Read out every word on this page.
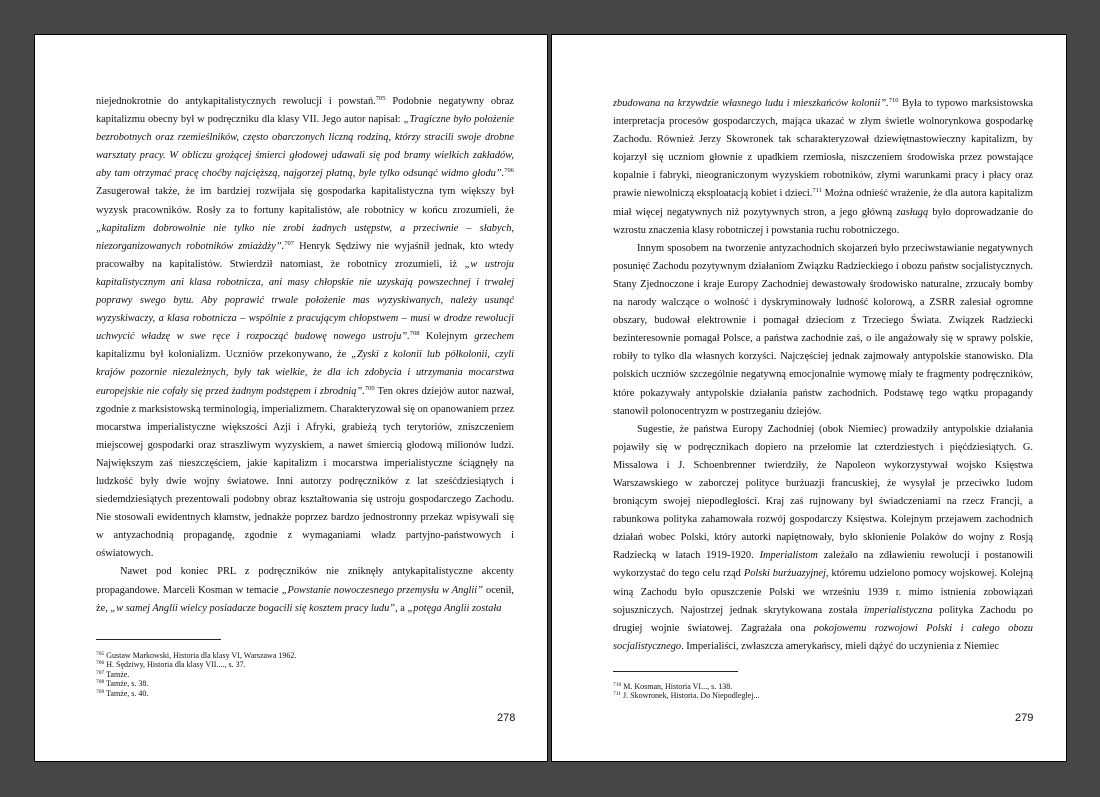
niejednokrotnie do antykapitalistycznych rewolucji i powstań.$^{705}$ Podobnie negatywny obraz kapitalizmu obecny był w podręczniku dla klasy VII. Jego autor napisał: „Tragiczne było położenie bezrobotnych oraz rzemieślników, często obarczonych liczną rodziną, którzy stracili swoje drobne warsztaty pracy. W obliczu grożącej śmierci głodowej udawali się pod bramy wielkich zakładów, aby tam otrzymać pracę choćby najcięższą, najgorzej płatną, byle tylko odsunąć widmo głodu”.$^{706}$ Zasugerował także, że im bardziej rozwijała się gospodarka kapitalistyczna tym większy był wyzysk pracowników. Rosły za to fortuny kapitalistów, ale robotnicy w końcu zrozumieli, że „kapitalizm dobrowolnie nie tylko nie zrobi żadnych ustępstw, a przeciwnie – słabych, niezorganizowanych robotników zmiażdży”.$^{707}$ Henryk Sędziwy nie wyjaśnił jednak, kto wtedy pracowałby na kapitalistów. Stwierdził natomiast, że robotnicy zrozumieli, iż „w ustroju kapitalistycznym ani klasa robotnicza, ani masy chłopskie nie uzyskają powszechnej i trwałej poprawy swego bytu. Aby poprawić trwale położenie mas wyzyskiwanych, należy usunąć wyzyskiwaczy, a klasa robotnicza – wspólnie z pracującym chłopstwem – musi w drodze rewolucji uchwycić władzę w swe ręce i rozpocząć budowę nowego ustroju”.$^{708}$ Kolejnym grzechem kapitalizmu był kolonializm. Uczniów przekonywano, że „Zyski z kolonii lub półkolonii, czyli krajów pozornie niezależnych, były tak wielkie, że dla ich zdobycia i utrzymania mocarstwa europejskie nie cofały się przed żadnym podstępem i zbrodnią”.$^{709}$ Ten okres dziejów autor nazwał, zgodnie z marksistowską terminologią, imperializmem. Charakteryzował się on opanowaniem przez mocarstwa imperialistyczne większości Azji i Afryki, grabieżą tych terytoriów, zniszczeniem miejscowej gospodarki oraz straszliwym wyzyskiem, a nawet śmiercią głodową milionów ludzi. Największym zaś nieszczęściem, jakie kapitalizm i mocarstwa imperialistyczne ściągnęły na ludzkość były dwie wojny światowe. Inni autorzy podręczników z lat sześćdziesiątych i siedemdziesiątych prezentowali podobny obraz kształtowania się ustroju gospodarczego Zachodu. Nie stosowali ewidentnych kłamstw, jednakże poprzez bardzo jednostronny przekaz wpisywali się w antyzachodnią propagandę, zgodnie z wymaganiami władz partyjno-państwowych i oświatowych.

Nawet pod koniec PRL z podręczników nie zniknęły antykapitalistyczne akcenty propagandowe. Marceli Kosman w temacie „Powstanie nowoczesnego przemysłu w Anglii” ocenił, że, „w samej Anglii wielcy posiadacze bogacili się kosztem pracy ludu”, a „potęga Anglii została

$^{705}$ Gustaw Markowski, Historia dla klasy VI, Warszawa 1962.
$^{706}$ H. Sędziwy, Historia dla klasy VII...., s. 37.
$^{707}$ Tamże.
$^{708}$ Tamże, s. 38.
$^{709}$ Tamże, s. 40.
278

zbudowana na krzywdzie własnego ludu i mieszkańców kolonii”.$^{710}$ Była to typowo marksistowska interpretacja procesów gospodarczych, mająca ukazać w złym świetle wolnorynkowa gospodarkę Zachodu. Również Jerzy Skowronek tak scharakteryzował dziewiętnastowieczny kapitalizm, by kojarzył się uczniom głownie z upadkiem rzemiosła, niszczeniem środowiska przez powstające kopalnie i fabryki, nieograniczonym wyzyskiem robotników, złymi warunkami pracy i płacy oraz prawie niewolniczą eksploatacją kobiet i dzieci.$^{711}$ Można odnieść wrażenie, że dla autora kapitalizm miał więcej negatywnych niż pozytywnych stron, a jego główną zasługą było doprowadzanie do wzrostu znaczenia klasy robotniczej i powstania ruchu robotniczego.

Innym sposobem na tworzenie antyzachodnich skojarzeń było przeciwstawianie negatywnych posunięć Zachodu pozytywnym działaniom Związku Radzieckiego i obozu państw socjalistycznych. Stany Zjednoczone i kraje Europy Zachodniej dewastowały środowisko naturalne, zrzucały bomby na narody walczące o wolność i dyskryminowały ludność kolorową, a ZSRR zalesiał ogromne obszary, budował elektrownie i pomagał dzieciom z Trzeciego Świata. Związek Radziecki bezinteresownie pomagał Polsce, a państwa zachodnie zaś, o ile angażowały się w sprawy polskie, robiły to tylko dla własnych korzyści. Najczęściej jednak zajmowały antypolskie stanowisko. Dla polskich uczniów szczególnie negatywną emocjonalnie wymowę miały te fragmenty podręczników, które pokazywały antypolskie działania państw zachodnich. Podstawę tego wątku propagandy stanowił polonocentryzm w postrzeganiu dziejów.

Sugestie, że państwa Europy Zachodniej (obok Niemiec) prowadziły antypolskie działania pojawiły się w podręcznikach dopiero na przełomie lat czterdziestych i pięćdziesiątych. G. Missalowa i J. Schoenbrenner twierdziły, że Napoleon wykorzystywał wojsko Księstwa Warszawskiego w zaborczej polityce burżuazji francuskiej, że wysyłał je przeciwko ludom broniącym swojej niepodległości. Kraj zaś rujnowany był świadczeniami na rzecz Francji, a rabunkowa polityka zahamowała rozwój gospodarczy Księstwa. Kolejnym przejawem zachodnich działań wobec Polski, który autorki napiętnowały, było skłonienie Polaków do wojny z Rosją Radziecką w latach 1919-1920. Imperialistom zależało na zdławieniu rewolucji i postanowili wykorzystać do tego celu rząd Polski burżuazyjnej, któremu udzielono pomocy wojskowej. Kolejną winą Zachodu było opuszczenie Polski we wrześniu 1939 r. mimo istnienia zobowiązań sojuszniczych. Najostrzej jednak skrytykowana została imperialistyczna polityka Zachodu po drugiej wojnie światowej. Zagrażała ona pokojowemu rozwojowi Polski i całego obozu socjalistycznego. Imperialiści, zwłaszcza amerykańscy, mieli dążyć do uczynienia z Niemiec

$^{710}$ M. Kosman, Historia VI..., s. 138.
$^{711}$ J. Skowronek, Historia. Do Niepodległej...
279
